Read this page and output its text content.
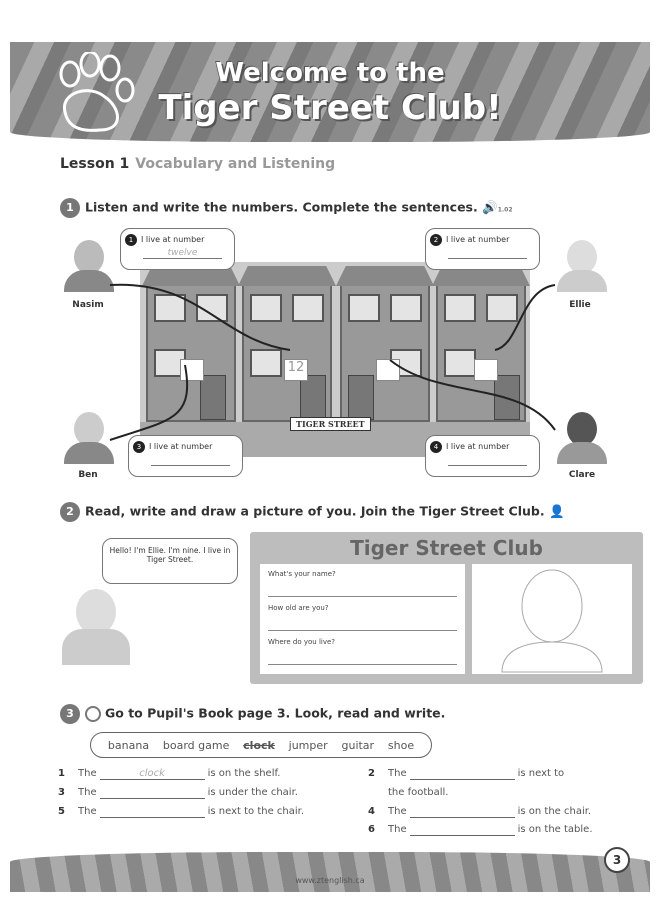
Welcome to the
Tiger Street Club!
Lesson 1 Vocabulary and Listening
1 Listen and write the numbers. Complete the sentences. 🔊1.02
12
TIGER STREET
1 I live at number
twelve
2 I live at number
3 I live at number	4 I live at number
Nasim	Ellie
Ben	Clare
2 Read, write and draw a picture of you. Join the Tiger Street Club. 👤
Hello! I'm Ellie. I'm nine. I live in Tiger Street.	Tiger Street Club
What's your name?
How old are you?
Where do you live?
3 Go to Pupil's Book page 3. Look, read and write.
banana board game clock jumper guitar shoe
1 The	clock	is on the shelf.	2 The	is next to
the football.
3 The	is under the chair.
4 The	is on the chair.
5 The	is next to the chair.
6 The	is on the table.
www.ztenglish.ca
3
